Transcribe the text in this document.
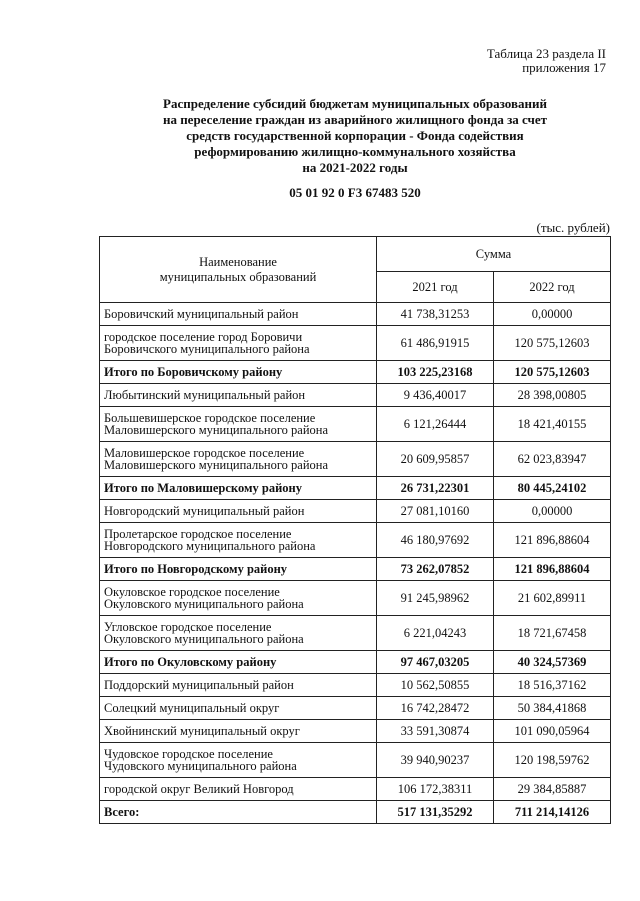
Таблица 23 раздела II
приложения 17
Распределение субсидий бюджетам муниципальных образований
на переселение граждан из аварийного жилищного фонда за счет
средств государственной корпорации - Фонда содействия
реформированию жилищно-коммунального хозяйства
на 2021-2022 годы
05 01 92 0 F3 67483 520
(тыс. рублей)
Наименование
муниципальных образований	Сумма	
	2021 год	2022 год

Боровичский муниципальный район	41 738,31253	0,00000

городское поселение город Боровичи
Боровичского муниципального района	61 486,91915	120 575,12603

Итого по Боровичскому району	103 225,23168	120 575,12603

Любытинский муниципальный район	9 436,40017	28 398,00805

Большевишерское городское поселение
Маловишерского муниципального района	6 121,26444	18 421,40155

Маловишерское городское поселение
Маловишерского муниципального района	20 609,95857	62 023,83947

Итого по Маловишерскому району	26 731,22301	80 445,24102

Новгородский муниципальный район	27 081,10160	0,00000

Пролетарское городское поселение
Новгородского муниципального района	46 180,97692	121 896,88604

Итого по Новгородскому району	73 262,07852	121 896,88604

Окуловское городское поселение
Окуловского муниципального района	91 245,98962	21 602,89911

Угловское городское поселение
Окуловского муниципального района	6 221,04243	18 721,67458

Итого по Окуловскому району	97 467,03205	40 324,57369

Поддорский муниципальный район	10 562,50855	18 516,37162

Солецкий муниципальный округ	16 742,28472	50 384,41868

Хвойнинский муниципальный округ	33 591,30874	101 090,05964

Чудовское городское поселение
Чудовского муниципального района	39 940,90237	120 198,59762

городской округ Великий Новгород	106 172,38311	29 384,85887

Всего:	517 131,35292	711 214,14126
